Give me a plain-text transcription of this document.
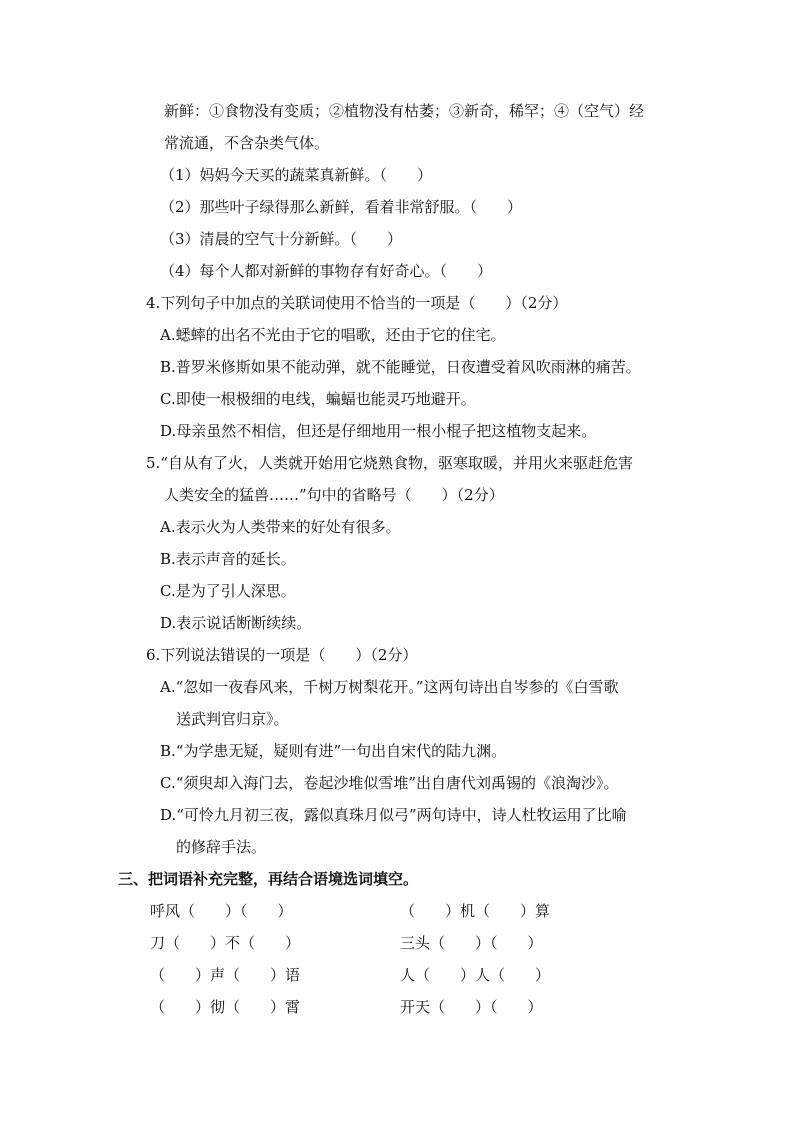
新鲜：①食物没有变质；②植物没有枯萎；③新奇，稀罕；④（空气）经
常流通，不含杂类气体。
（1）妈妈今天买的蔬菜真新鲜。（　　）
（2）那些叶子绿得那么新鲜，看着非常舒服。（　　）
（3）清晨的空气十分新鲜。（　　）
（4）每个人都对新鲜的事物存有好奇心。（　　）
4.下列句子中加点的关联词使用不恰当的一项是（　　）（2分）
A.蟋蟀的出名不光由于它的唱歌，还由于它的住宅。
B.普罗米修斯如果不能动弹，就不能睡觉，日夜遭受着风吹雨淋的痛苦。
C.即使一根极细的电线，蝙蝠也能灵巧地避开。
D.母亲虽然不相信，但还是仔细地用一根小棍子把这植物支起来。
5.“自从有了火，人类就开始用它烧熟食物，驱寒取暖，并用火来驱赶危害
人类安全的猛兽……”句中的省略号（　　）（2分）
A.表示火为人类带来的好处有很多。
B.表示声音的延长。
C.是为了引人深思。
D.表示说话断断续续。
6.下列说法错误的一项是（　　）（2分）
A.“忽如一夜春风来，千树万树梨花开。”这两句诗出自岑参的《白雪歌
送武判官归京》。
B.“为学患无疑，疑则有进”一句出自宋代的陆九渊。
C.“须臾却入海门去，卷起沙堆似雪堆”出自唐代刘禹锡的《浪淘沙》。
D.“可怜九月初三夜，露似真珠月似弓”两句诗中，诗人杜牧运用了比喻
的修辞手法。
三、把词语补充完整，再结合语境选词填空。
呼风（　　）（　　）
刀（　　）不（　　）
（　　）声（　　）语
（　　）彻（　　）霄
（　　）机（　　）算
三头（　　）（　　）
人（　　）人（　　）
开天（　　）（　　）
